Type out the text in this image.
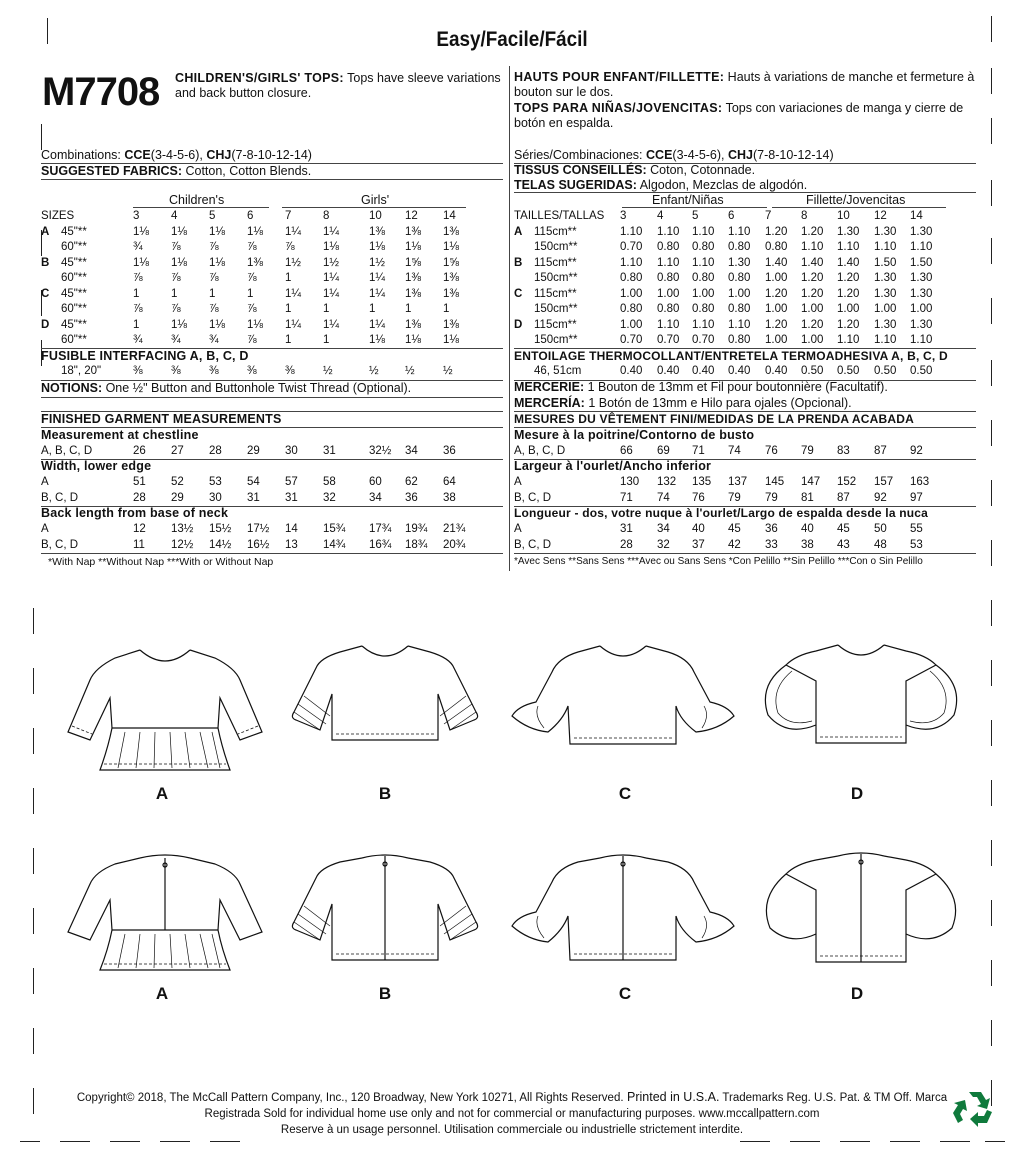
Easy/Facile/Fácil
M7708 CHILDREN'S/GIRLS' TOPS: Tops have sleeve variations and back button closure.
HAUTS POUR ENFANT/FILLETTE: Hauts à variations de manche et fermeture à bouton sur le dos.
TOPS PARA NIÑAS/JOVENCITAS: Tops con variaciones de manga y cierre de botón en espalda.
Combinations: CCE(3-4-5-6), CHJ(7-8-10-12-14)
SUGGESTED FABRICS: Cotton, Cotton Blends.
Children's	Girls'
SIZES	3	4	5	6	7	8	10	12	14
A 45"**	1⅛	1⅛	1⅛	1⅛	1¼	1¼	1⅜	1⅜	1⅜
60"**	¾	⅞	⅞	⅞	⅞	1⅛	1⅛	1⅛	1⅛
B 45"**	1⅛	1⅛	1⅛	1⅜	1½	1½	1½	1⅝	1⅝
60"**	⅞	⅞	⅞	⅞	1	1¼	1¼	1⅜	1⅜
C 45"**	1	1	1	1	1¼	1¼	1¼	1⅜	1⅜
60"**	⅞	⅞	⅞	⅞	1	1	1	1	1
D 45"**	1	1⅛	1⅛	1⅛	1¼	1¼	1¼	1⅜	1⅜
60"**	¾	¾	¾	⅞	1	1	1⅛	1⅛	1⅛
FUSIBLE INTERFACING A, B, C, D
18", 20"	⅜	⅜	⅜	⅜	⅜	½	½	½	½
NOTIONS: One ½" Button and Buttonhole Twist Thread (Optional).
FINISHED GARMENT MEASUREMENTS
Measurement at chestline
A, B, C, D	26	27	28	29	30	31	32½	34	36
Width, lower edge
A	51	52	53	54	57	58	60	62	64
B, C, D	28	29	30	31	31	32	34	36	38
Back length from base of neck
A	12	13½	15½	17½	14	15¾	17¾	19¾	21¾
B, C, D	11	12½	14½	16½	13	14¾	16¾	18¾	20¾
*With Nap **Without Nap ***With or Without Nap
Séries/Combinaciones: CCE(3-4-5-6), CHJ(7-8-10-12-14)
TISSUS CONSEILLÉS: Coton, Cotonnade.
TELAS SUGERIDAS: Algodon, Mezclas de algodón.
Enfant/Niñas	Fillette/Jovencitas
TAILLES/TALLAS	3	4	5	6	7	8	10	12	14
A 115cm**	1.10	1.10	1.10	1.10	1.20	1.20	1.30	1.30	1.30
150cm**	0.70	0.80	0.80	0.80	0.80	1.10	1.10	1.10	1.10
B 115cm**	1.10	1.10	1.10	1.30	1.40	1.40	1.40	1.50	1.50
150cm**	0.80	0.80	0.80	0.80	1.00	1.20	1.20	1.30	1.30
C 115cm**	1.00	1.00	1.00	1.00	1.20	1.20	1.20	1.30	1.30
150cm**	0.80	0.80	0.80	0.80	1.00	1.00	1.00	1.00	1.00
D 115cm**	1.00	1.10	1.10	1.10	1.20	1.20	1.20	1.30	1.30
150cm**	0.70	0.70	0.70	0.80	1.00	1.00	1.10	1.10	1.10
ENTOILAGE THERMOCOLLANT/ENTRETELA TERMOADHESIVA A, B, C, D
46, 51cm	0.40	0.40	0.40	0.40	0.40	0.50	0.50	0.50	0.50
MERCERIE: 1 Bouton de 13mm et Fil pour boutonnière (Facultatif).
MERCERÍA: 1 Botón de 13mm e Hilo para ojales (Opcional).
MESURES DU VÊTEMENT FINI/MEDIDAS DE LA PRENDA ACABADA
Mesure à la poitrine/Contorno de busto
A, B, C, D	66	69	71	74	76	79	83	87	92
Largeur à l'ourlet/Ancho inferior
A	130	132	135	137	145	147	152	157	163
B, C, D	71	74	76	79	79	81	87	92	97
Longueur - dos, votre nuque à l'ourlet/Largo de espalda desde la nuca
A	31	34	40	45	36	40	45	50	55
B, C, D	28	32	37	42	33	38	43	48	53
*Avec Sens **Sans Sens ***Avec ou Sans Sens *Con Pelillo **Sin Pelillo ***Con o Sin Pelillo
A	B	C	D
A	B	C	D
Copyright© 2018, The McCall Pattern Company, Inc., 120 Broadway, New York 10271, All Rights Reserved. Printed in U.S.A. Trademarks Reg. U.S. Pat. & TM Off. Marca
Registrada Sold for individual home use only and not for commercial or manufacturing purposes. www.mccallpattern.com
Reserve à un usage personnel. Utilisation commerciale ou industrielle strictement interdite.
